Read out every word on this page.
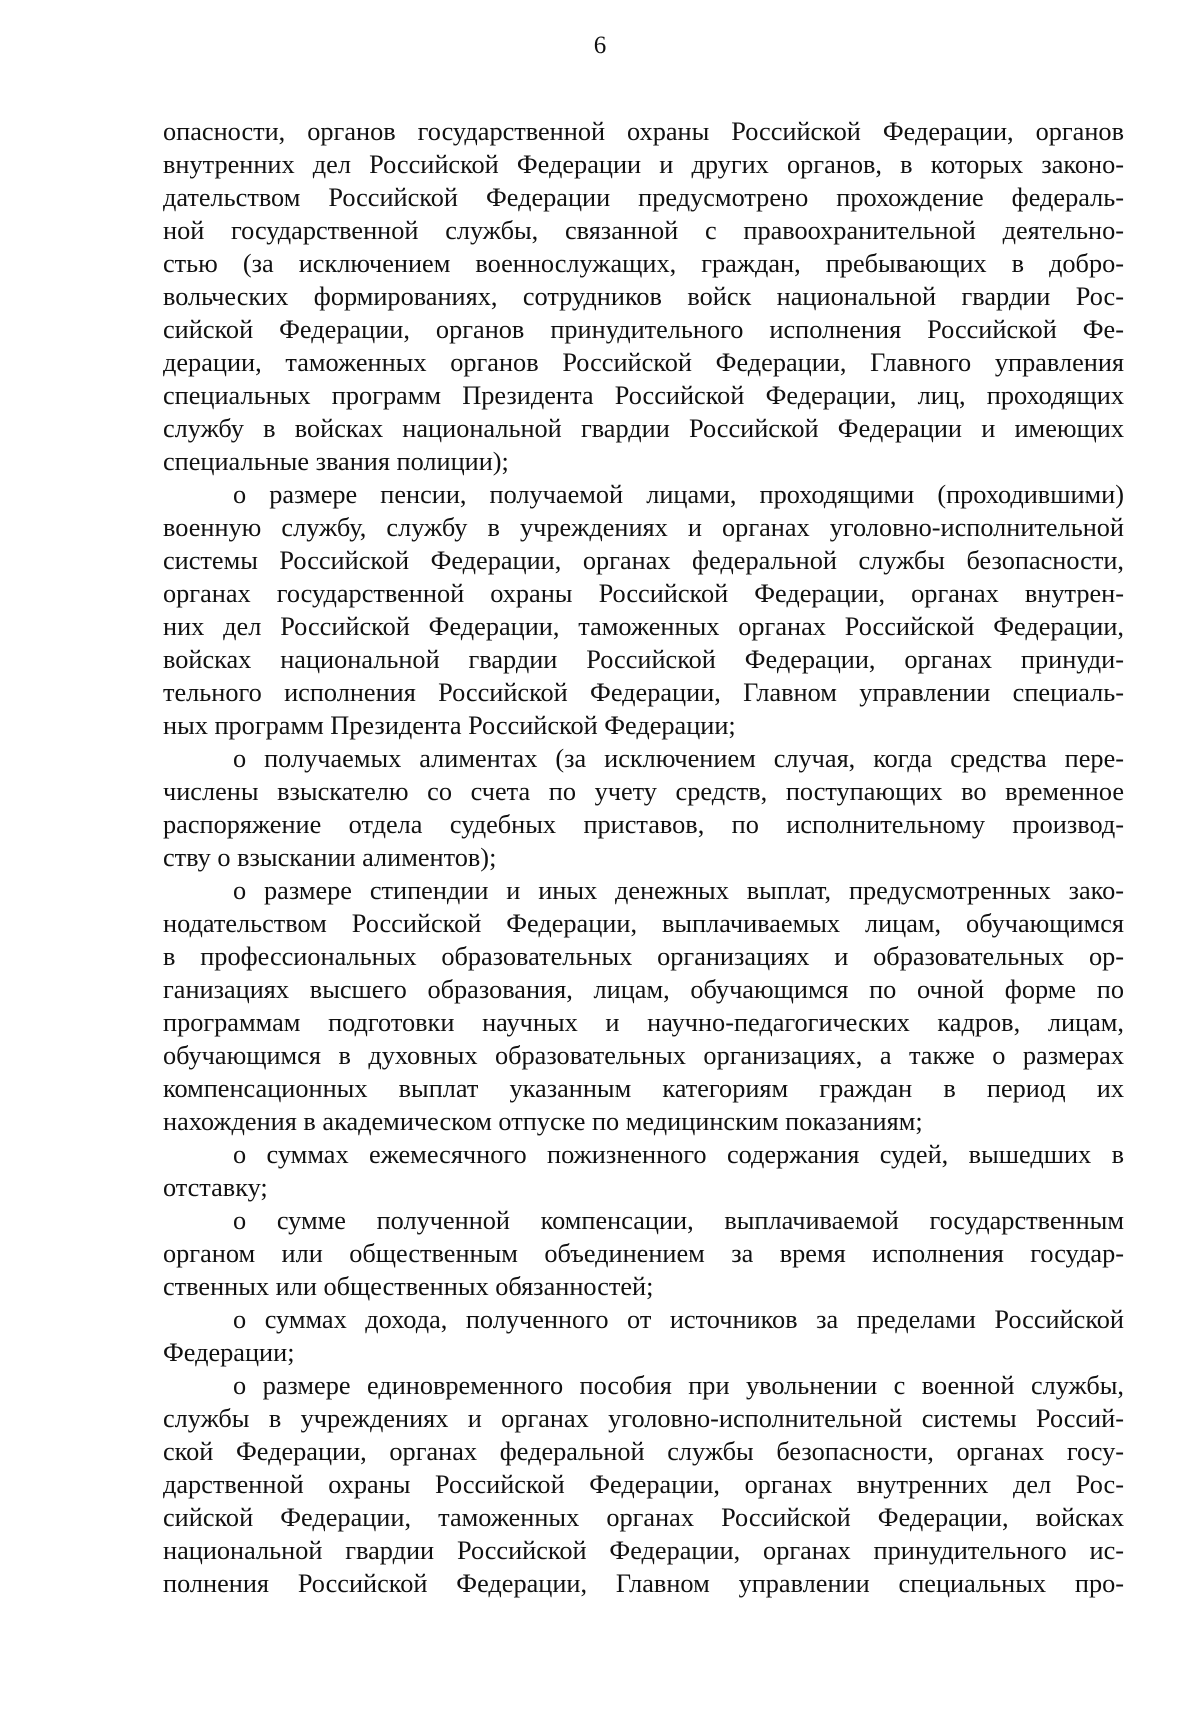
6

опасности, органов государственной охраны Российской Федерации, органов
внутренних дел Российской Федерации и других органов, в которых законо-
дательством Российской Федерации предусмотрено прохождение федераль-
ной государственной службы, связанной с правоохранительной деятельно-
стью (за исключением военнослужащих, граждан, пребывающих в добро-
вольческих формированиях, сотрудников войск национальной гвардии Рос-
сийской Федерации, органов принудительного исполнения Российской Фе-
дерации, таможенных органов Российской Федерации, Главного управления
специальных программ Президента Российской Федерации, лиц, проходящих
службу в войсках национальной гвардии Российской Федерации и имеющих
специальные звания полиции);

о размере пенсии, получаемой лицами, проходящими (проходившими)
военную службу, службу в учреждениях и органах уголовно-исполнительной
системы Российской Федерации, органах федеральной службы безопасности,
органах государственной охраны Российской Федерации, органах внутрен-
них дел Российской Федерации, таможенных органах Российской Федерации,
войсках национальной гвардии Российской Федерации, органах принуди-
тельного исполнения Российской Федерации, Главном управлении специаль-
ных программ Президента Российской Федерации;

о получаемых алиментах (за исключением случая, когда средства пере-
числены взыскателю со счета по учету средств, поступающих во временное
распоряжение отдела судебных приставов, по исполнительному производ-
ству о взыскании алиментов);

о размере стипендии и иных денежных выплат, предусмотренных зако-
нодательством Российской Федерации, выплачиваемых лицам, обучающимся
в профессиональных образовательных организациях и образовательных ор-
ганизациях высшего образования, лицам, обучающимся по очной форме по
программам подготовки научных и научно-педагогических кадров, лицам,
обучающимся в духовных образовательных организациях, а также о размерах
компенсационных выплат указанным категориям граждан в период их
нахождения в академическом отпуске по медицинским показаниям;

о суммах ежемесячного пожизненного содержания судей, вышедших в
отставку;

о сумме полученной компенсации, выплачиваемой государственным
органом или общественным объединением за время исполнения государ-
ственных или общественных обязанностей;

о суммах дохода, полученного от источников за пределами Российской
Федерации;

о размере единовременного пособия при увольнении с военной службы,
службы в учреждениях и органах уголовно-исполнительной системы Россий-
ской Федерации, органах федеральной службы безопасности, органах госу-
дарственной охраны Российской Федерации, органах внутренних дел Рос-
сийской Федерации, таможенных органах Российской Федерации, войсках
национальной гвардии Российской Федерации, органах принудительного ис-
полнения Российской Федерации, Главном управлении специальных про-
